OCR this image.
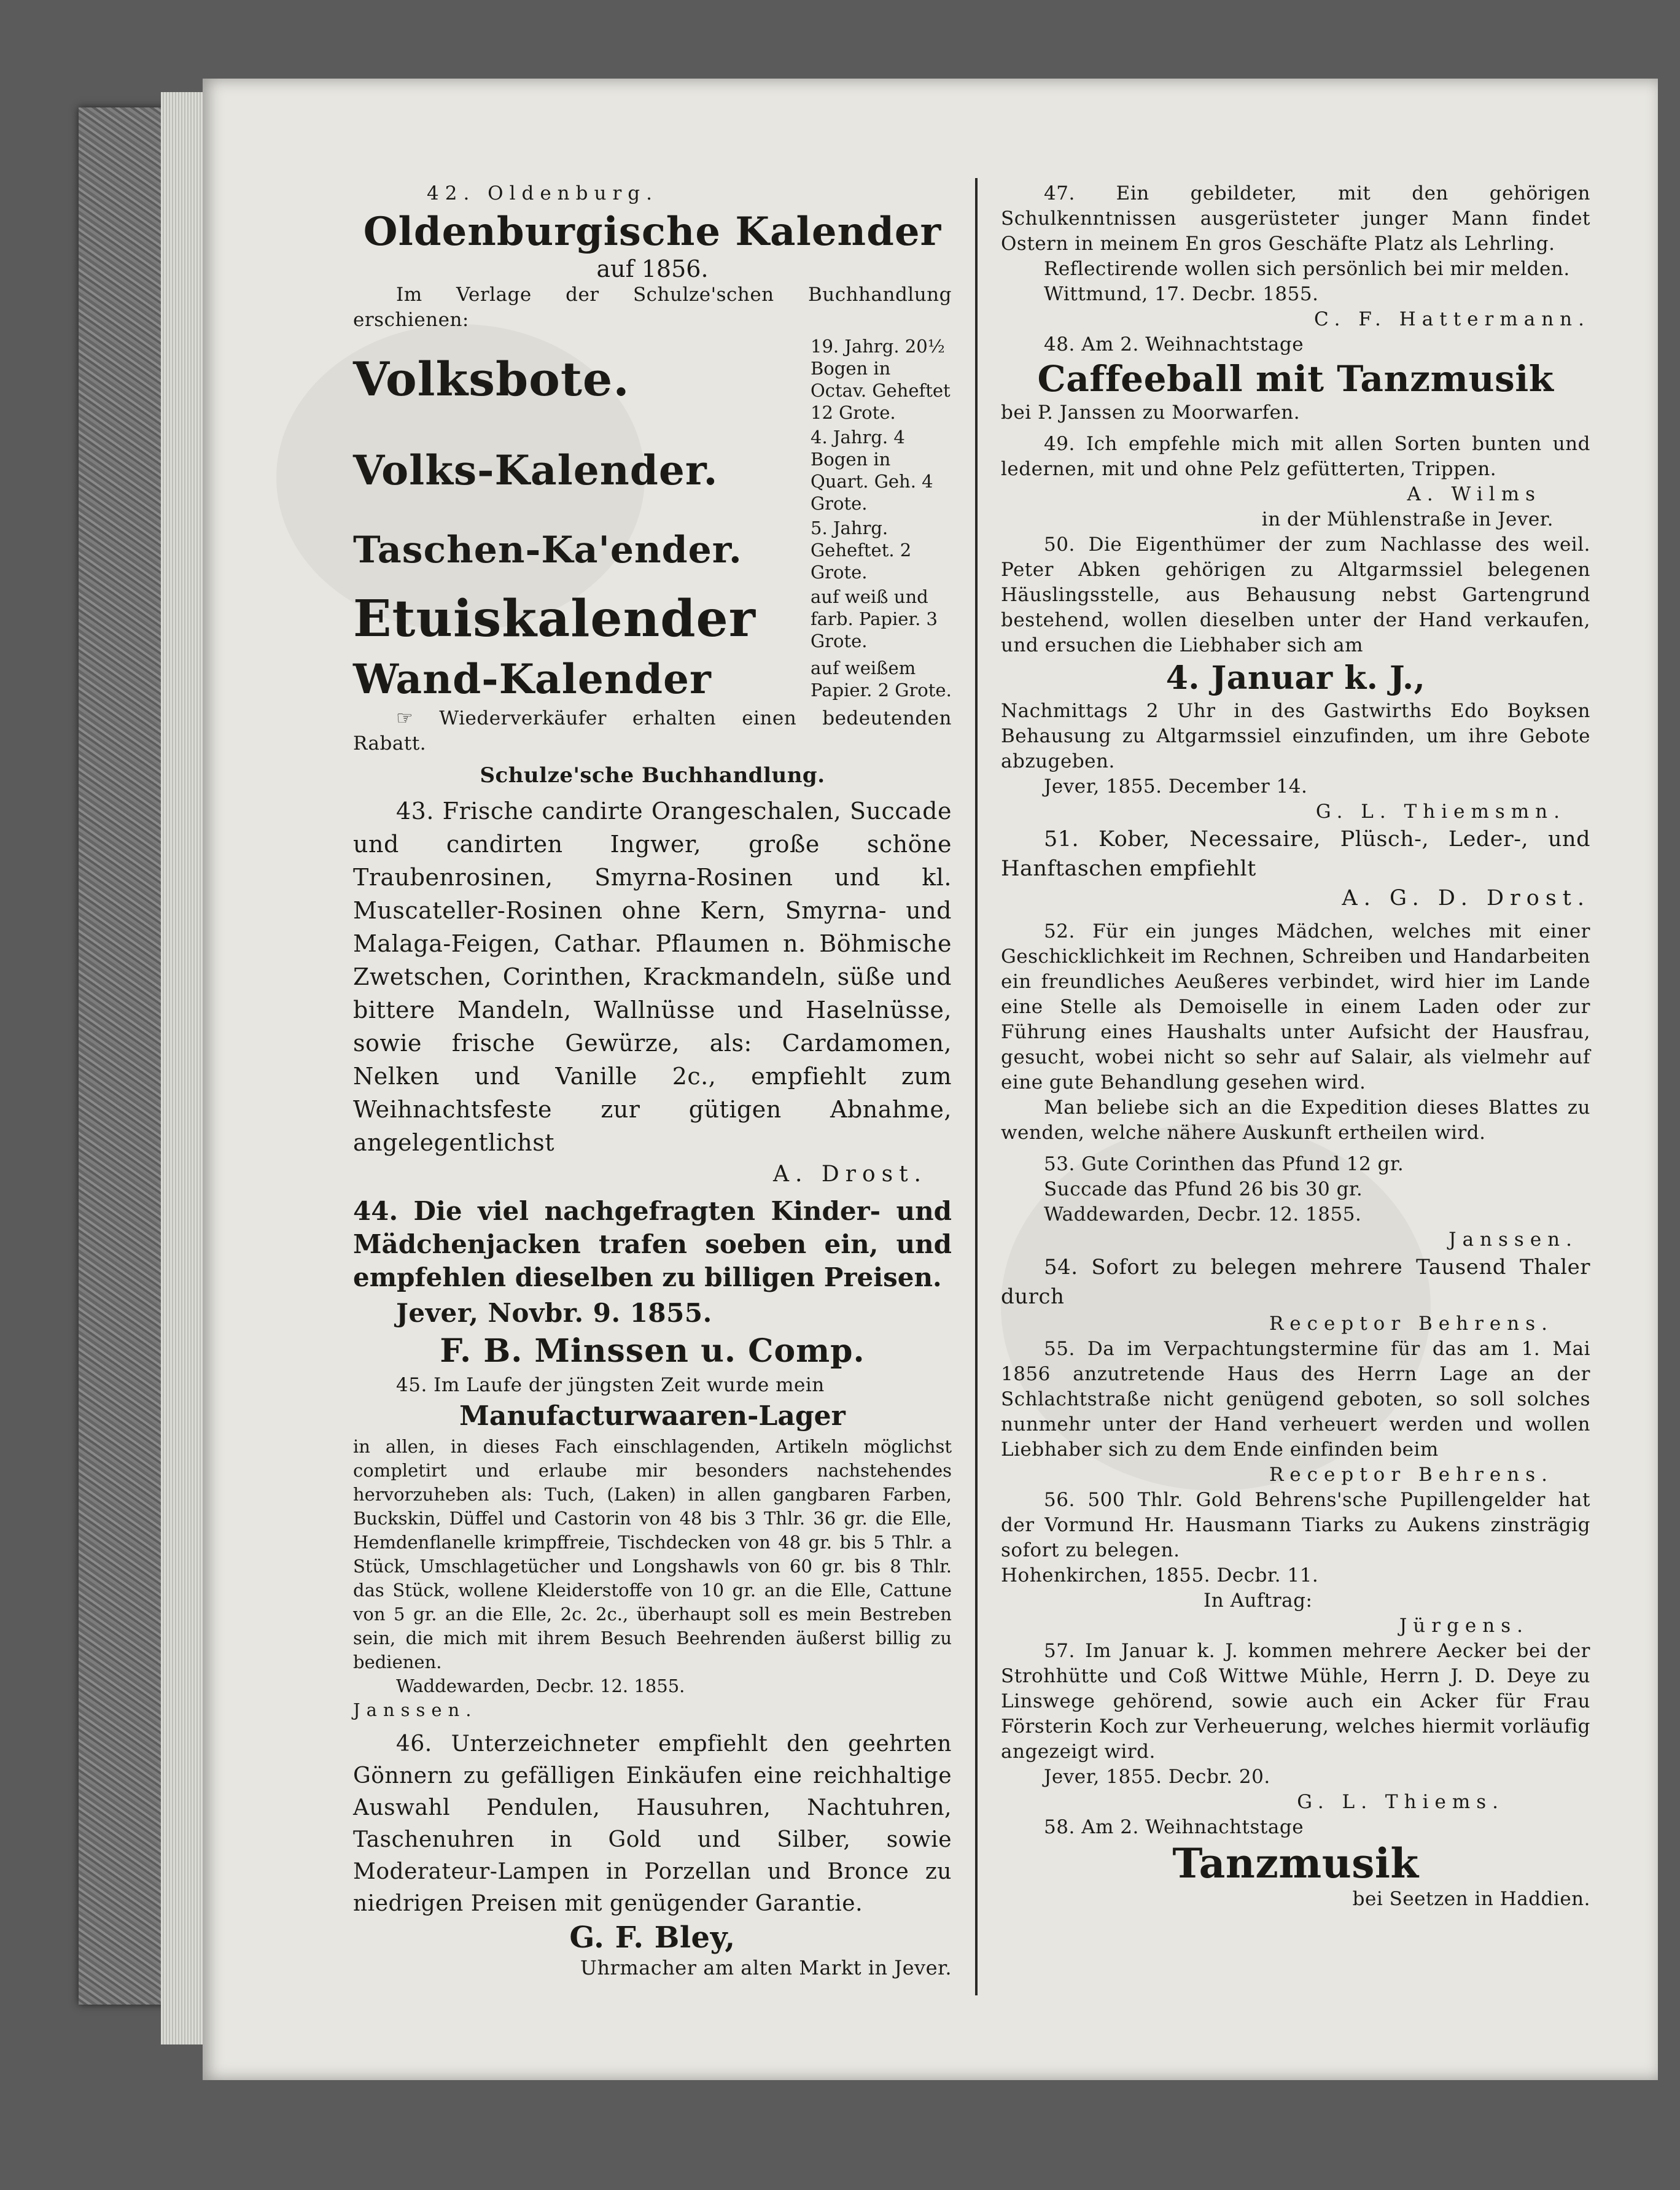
42. Oldenburg.

Oldenburgische Kalender

auf 1856.

Im Verlage der Schulze'schen Buchhandlung erschienen:

Volksbote.
19. Jahrg. 20½ Bogen in Octav. Geheftet 12 Grote.
Volks-Kalender.
4. Jahrg. 4 Bogen in Quart. Geh. 4 Grote.
Taschen-Ka'ender.
5. Jahrg. Geheftet. 2 Grote.
Etuiskalender	auf weiß und farb. Papier. 3 Grote.
Wand-Kalender	auf weißem Papier. 2 Grote.

☞ Wiederverkäufer erhalten einen bedeutenden Rabatt.

Schulze'sche Buchhandlung.

43. Frische candirte Orangeschalen, Succade und candirten Ingwer, große schöne Traubenrosinen, Smyrna-Rosinen und kl. Muscateller-Rosinen ohne Kern, Smyrna- und Malaga-Feigen, Cathar. Pflaumen n. Böhmische Zwetschen, Corinthen, Krackmandeln, süße und bittere Mandeln, Wallnüsse und Haselnüsse, sowie frische Gewürze, als: Cardamomen, Nelken und Vanille 2c., empfiehlt zum Weihnachtsfeste zur gütigen Abnahme, angelegentlichst

A. Drost.

44. Die viel nachgefragten Kinder- und Mädchenjacken trafen soeben ein, und empfehlen dieselben zu billigen Preisen.

Jever, Novbr. 9. 1855.

F. B. Minssen u. Comp.

45. Im Laufe der jüngsten Zeit wurde mein

Manufacturwaaren-Lager

in allen, in dieses Fach einschlagenden, Artikeln möglichst completirt und erlaube mir besonders nachstehendes hervorzuheben als: Tuch, (Laken) in allen gangbaren Farben, Buckskin, Düffel und Castorin von 48 bis 3 Thlr. 36 gr. die Elle, Hemdenflanelle krimpffreie, Tischdecken von 48 gr. bis 5 Thlr. a Stück, Umschlagetücher und Longshawls von 60 gr. bis 8 Thlr. das Stück, wollene Kleiderstoffe von 10 gr. an die Elle, Cattune von 5 gr. an die Elle, 2c. 2c., überhaupt soll es mein Bestreben sein, die mich mit ihrem Besuch Beehrenden äußerst billig zu bedienen.

Waddewarden, Decbr. 12. 1855.

Janssen.

46. Unterzeichneter empfiehlt den geehrten Gönnern zu gefälligen Einkäufen eine reichhaltige Auswahl Pendulen, Hausuhren, Nachtuhren, Taschenuhren in Gold und Silber, sowie Moderateur-Lampen in Porzellan und Bronce zu niedrigen Preisen mit genügender Garantie.

G. F. Bley,

Uhrmacher am alten Markt in Jever.

47. Ein gebildeter, mit den gehörigen Schulkenntnissen ausgerüsteter junger Mann findet Ostern in meinem En gros Geschäfte Platz als Lehrling.

Reflectirende wollen sich persönlich bei mir melden.

Wittmund, 17. Decbr. 1855.

C. F. Hattermann.

48. Am 2. Weihnachtstage

Caffeeball mit Tanzmusik

bei P. Janssen zu Moorwarfen.

49. Ich empfehle mich mit allen Sorten bunten und ledernen, mit und ohne Pelz gefütterten, Trippen.

A. Wilms

in der Mühlenstraße in Jever.

50. Die Eigenthümer der zum Nachlasse des weil. Peter Abken gehörigen zu Altgarmssiel belegenen Häuslingsstelle, aus Behausung nebst Gartengrund bestehend, wollen dieselben unter der Hand verkaufen, und ersuchen die Liebhaber sich am

4. Januar k. J.,

Nachmittags 2 Uhr in des Gastwirths Edo Boyksen Behausung zu Altgarmssiel einzufinden, um ihre Gebote abzugeben.

Jever, 1855. December 14.

G. L. Thiemsmn.

51. Kober, Necessaire, Plüsch-, Leder-, und Hanftaschen empfiehlt

A. G. D. Drost.

52. Für ein junges Mädchen, welches mit einer Geschicklichkeit im Rechnen, Schreiben und Handarbeiten ein freundliches Aeußeres verbindet, wird hier im Lande eine Stelle als Demoiselle in einem Laden oder zur Führung eines Haushalts unter Aufsicht der Hausfrau, gesucht, wobei nicht so sehr auf Salair, als vielmehr auf eine gute Behandlung gesehen wird.

Man beliebe sich an die Expedition dieses Blattes zu wenden, welche nähere Auskunft ertheilen wird.

53. Gute Corinthen das Pfund 12 gr.

Succade das Pfund 26 bis 30 gr.

Waddewarden, Decbr. 12. 1855.

Janssen.

54. Sofort zu belegen mehrere Tausend Thaler durch

Receptor Behrens.

55. Da im Verpachtungstermine für das am 1. Mai 1856 anzutretende Haus des Herrn Lage an der Schlachtstraße nicht genügend geboten, so soll solches nunmehr unter der Hand verheuert werden und wollen Liebhaber sich zu dem Ende einfinden beim

Receptor Behrens.

56. 500 Thlr. Gold Behrens'sche Pupillengelder hat der Vormund Hr. Hausmann Tiarks zu Aukens zinsträgig sofort zu belegen.

Hohenkirchen, 1855. Decbr. 11.

In Auftrag:

Jürgens.

57. Im Januar k. J. kommen mehrere Aecker bei der Strohhütte und Coß Wittwe Mühle, Herrn J. D. Deye zu Linswege gehörend, sowie auch ein Acker für Frau Försterin Koch zur Verheuerung, welches hiermit vorläufig angezeigt wird.

Jever, 1855. Decbr. 20.

G. L. Thiems.

58. Am 2. Weihnachtstage

Tanzmusik

bei Seetzen in Haddien.
